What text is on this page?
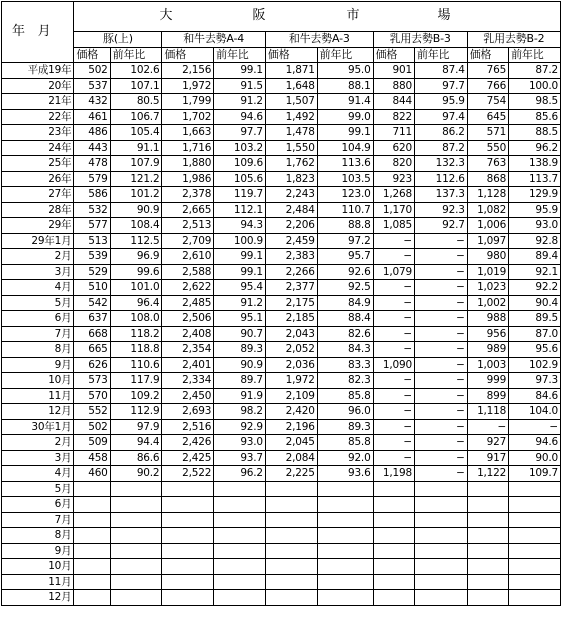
年　月	大 阪 市 場									

	豚(上)		和牛去勢A-4		和牛去勢A-3		乳用去勢B-3		乳用去勢B-2	
	価格	前年比	価格	前年比	価格	前年比	価格	前年比	価格	前年比
平成19年	502	102.6	2,156	99.1	1,871	95.0	901	87.4	765	87.2
20年	537	107.1	1,972	91.5	1,648	88.1	880	97.7	766	100.0
21年	432	80.5	1,799	91.2	1,507	91.4	844	95.9	754	98.5
22年	461	106.7	1,702	94.6	1,492	99.0	822	97.4	645	85.6
23年	486	105.4	1,663	97.7	1,478	99.1	711	86.2	571	88.5
24年	443	91.1	1,716	103.2	1,550	104.9	620	87.2	550	96.2
25年	478	107.9	1,880	109.6	1,762	113.6	820	132.3	763	138.9
26年	579	121.2	1,986	105.6	1,823	103.5	923	112.6	868	113.7
27年	586	101.2	2,378	119.7	2,243	123.0	1,268	137.3	1,128	129.9
28年	532	90.9	2,665	112.1	2,484	110.7	1,170	92.3	1,082	95.9
29年	577	108.4	2,513	94.3	2,206	88.8	1,085	92.7	1,006	93.0
29年1月	513	112.5	2,709	100.9	2,459	97.2	−	−	1,097	92.8
2月	539	96.9	2,610	99.1	2,383	95.7	−	−	980	89.4
3月	529	99.6	2,588	99.1	2,266	92.6	1,079	−	1,019	92.1
4月	510	101.0	2,622	95.4	2,377	92.5	−	−	1,023	92.2
5月	542	96.4	2,485	91.2	2,175	84.9	−	−	1,002	90.4
6月	637	108.0	2,506	95.1	2,185	88.4	−	−	988	89.5
7月	668	118.2	2,408	90.7	2,043	82.6	−	−	956	87.0
8月	665	118.8	2,354	89.3	2,052	84.3	−	−	989	95.6
9月	626	110.6	2,401	90.9	2,036	83.3	1,090	−	1,003	102.9
10月	573	117.9	2,334	89.7	1,972	82.3	−	−	999	97.3
11月	570	109.2	2,450	91.9	2,109	85.8	−	−	899	84.6
12月	552	112.9	2,693	98.2	2,420	96.0	−	−	1,118	104.0
30年1月	502	97.9	2,516	92.9	2,196	89.3	−	−	−	−
2月	509	94.4	2,426	93.0	2,045	85.8	−	−	927	94.6
3月	458	86.6	2,425	93.7	2,084	92.0	−	−	917	90.0
4月	460	90.2	2,522	96.2	2,225	93.6	1,198	−	1,122	109.7
5月										
6月										
7月										
8月										
9月										
10月										
11月										
12月										
